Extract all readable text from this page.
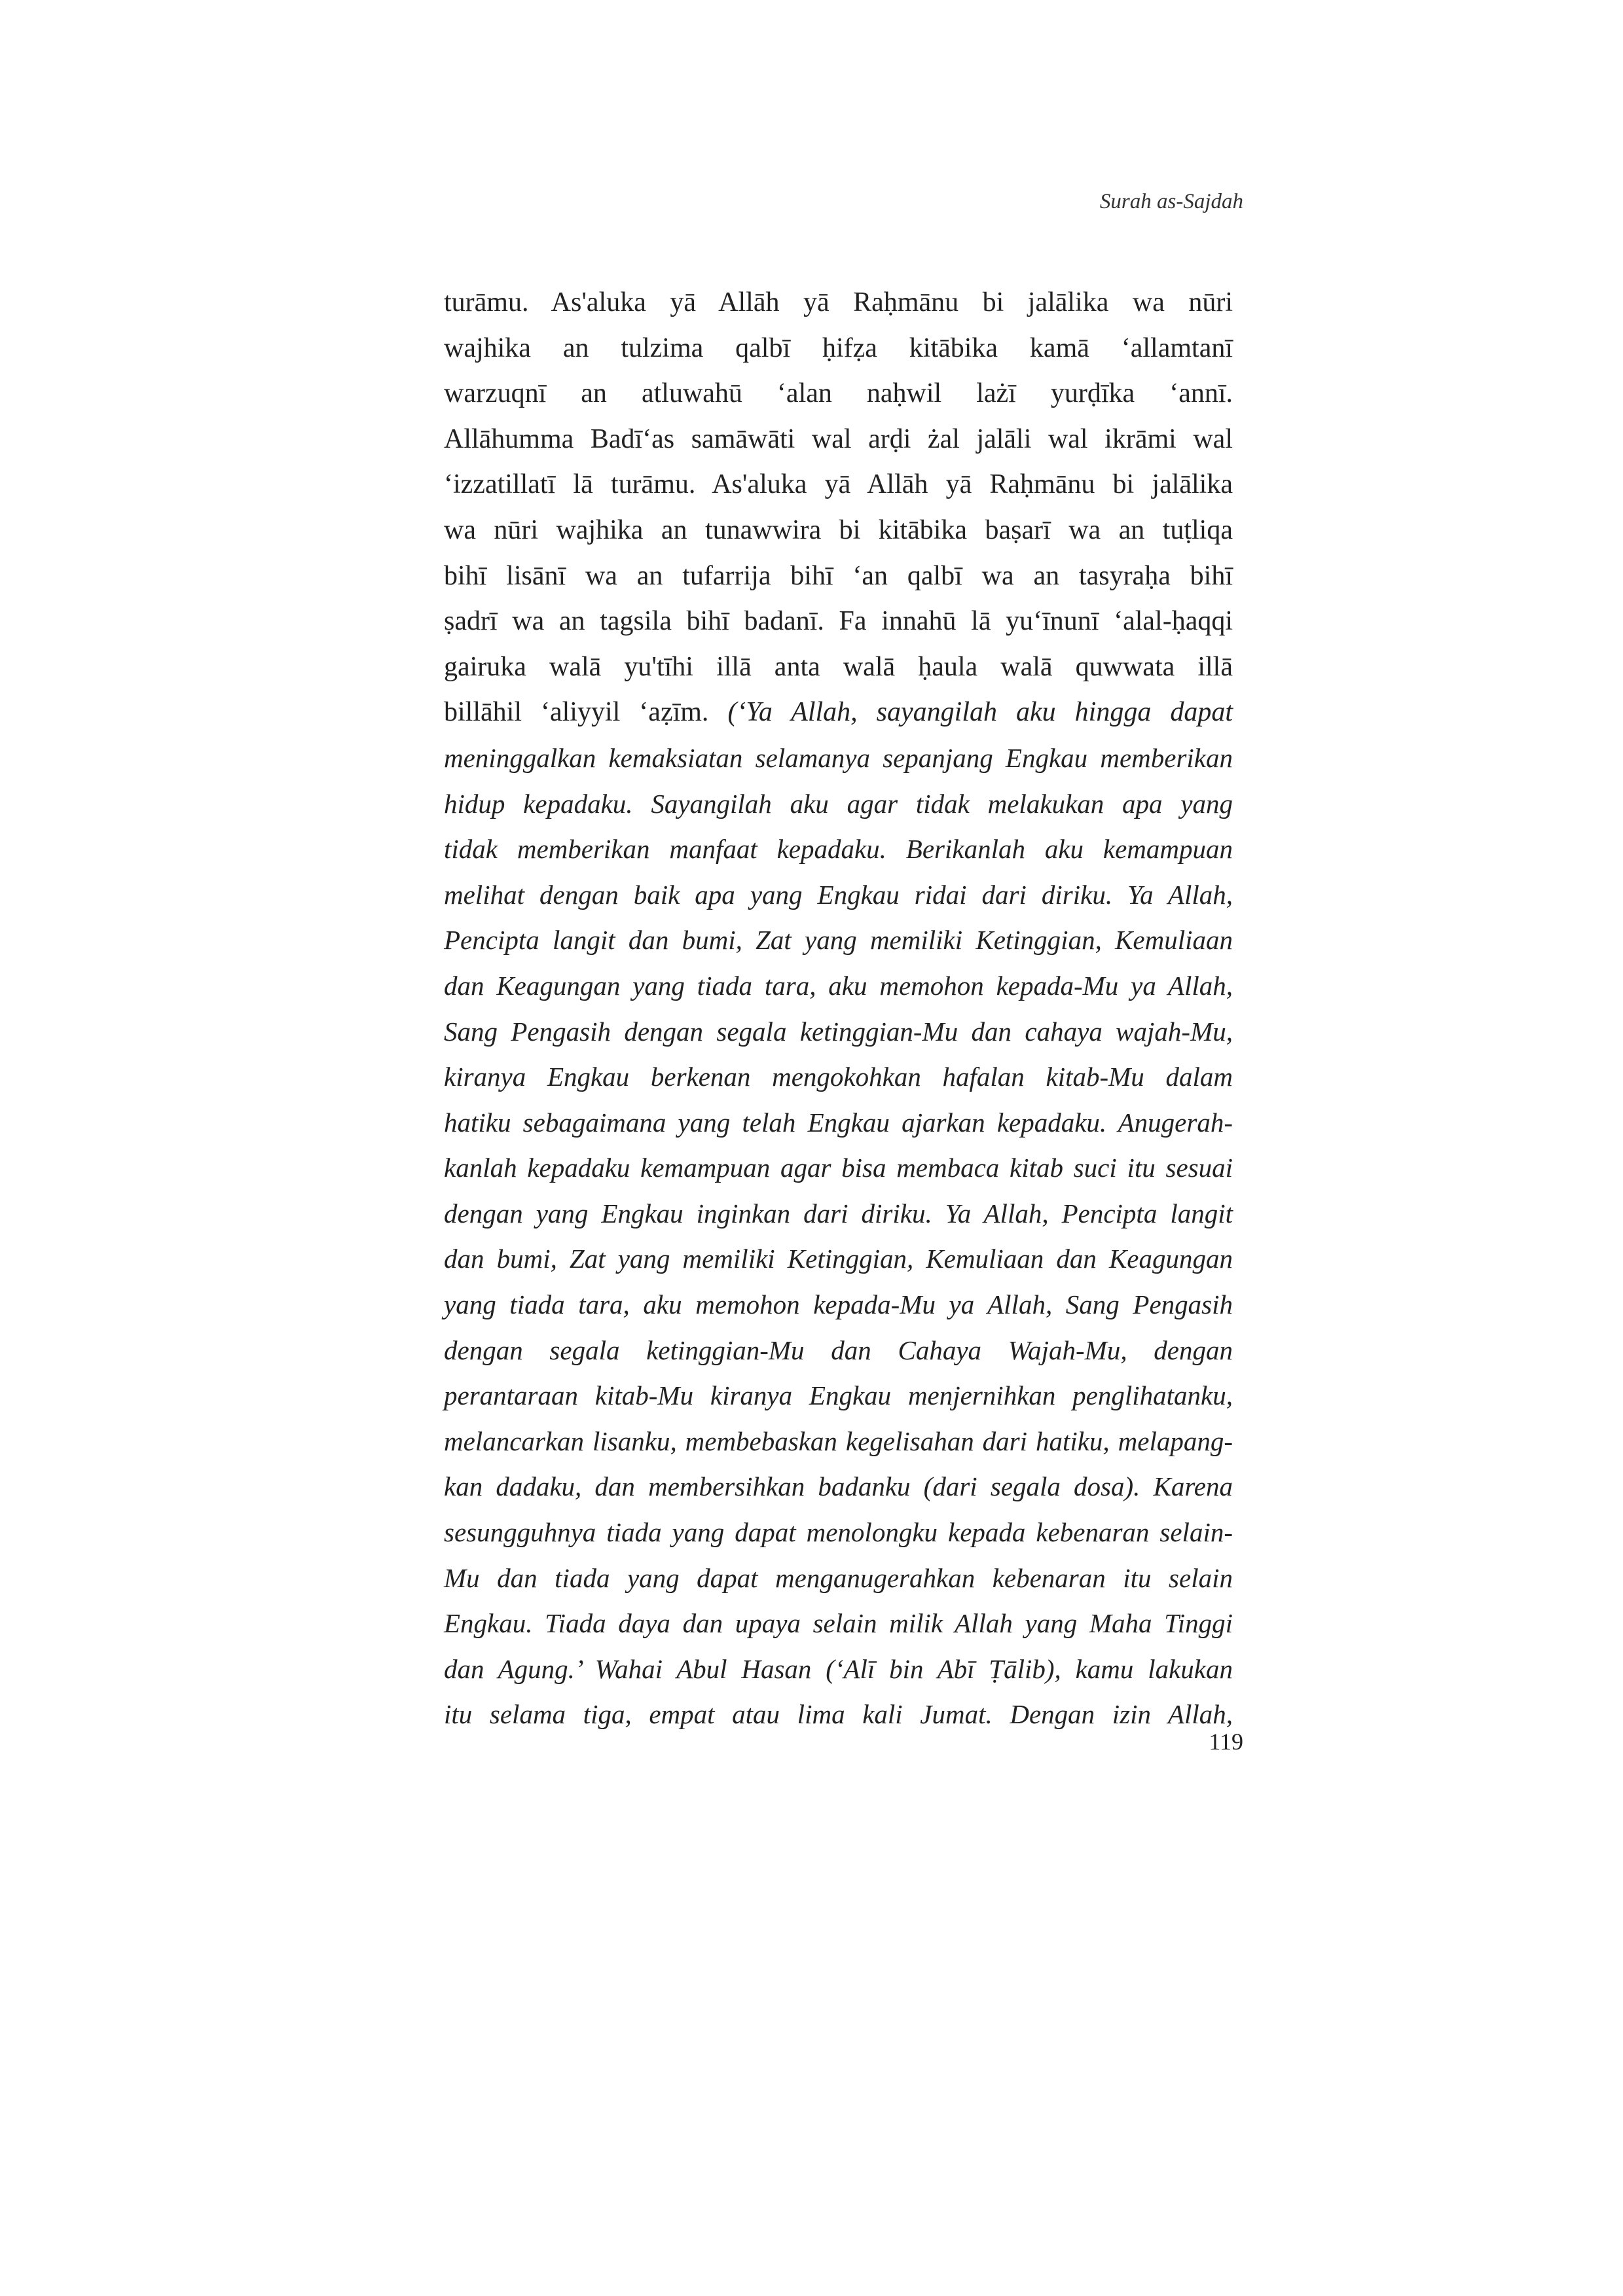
Surah as-Sajdah

turāmu. As'aluka yā Allāh yā Raḥmānu bi jalālika wa nūri
wajhika an tulzima qalbī ḥifẓa kitābika kamā ‘allamtanī
warzuqnī an atluwahū ‘alan naḥwil lażī yurḍīka ‘annī.
Allāhumma Badī‘as samāwāti wal arḍi żal jalāli wal ikrāmi wal
‘izzatillatī lā turāmu. As'aluka yā Allāh yā Raḥmānu bi jalālika
wa nūri wajhika an tunawwira bi kitābika baṣarī wa an tuṭliqa
bihī lisānī wa an tufarrija bihī ‘an qalbī wa an tasyraḥa bihī
ṣadrī wa an tagsila bihī badanī. Fa innahū lā yu‘īnunī ‘alal-ḥaqqi
gairuka walā yu'tīhi illā anta walā ḥaula walā quwwata illā
billāhil ‘aliyyil ‘aẓīm. (‘Ya Allah, sayangilah aku hingga dapat
meninggalkan kemaksiatan selamanya sepanjang Engkau memberikan
hidup kepadaku. Sayangilah aku agar tidak melakukan apa yang
tidak memberikan manfaat kepadaku. Berikanlah aku kemampuan
melihat dengan baik apa yang Engkau ridai dari diriku. Ya Allah,
Pencipta langit dan bumi, Zat yang memiliki Ketinggian, Kemuliaan
dan Keagungan yang tiada tara, aku memohon kepada-Mu ya Allah,
Sang Pengasih dengan segala ketinggian-Mu dan cahaya wajah-Mu,
kiranya Engkau berkenan mengokohkan hafalan kitab-Mu dalam
hatiku sebagaimana yang telah Engkau ajarkan kepadaku. Anugerah-
kanlah kepadaku kemampuan agar bisa membaca kitab suci itu sesuai
dengan yang Engkau inginkan dari diriku. Ya Allah, Pencipta langit
dan bumi, Zat yang memiliki Ketinggian, Kemuliaan dan Keagungan
yang tiada tara, aku memohon kepada-Mu ya Allah, Sang Pengasih
dengan segala ketinggian-Mu dan Cahaya Wajah-Mu, dengan
perantaraan kitab-Mu kiranya Engkau menjernihkan penglihatanku,
melancarkan lisanku, membebaskan kegelisahan dari hatiku, melapang-
kan dadaku, dan membersihkan badanku (dari segala dosa). Karena
sesungguhnya tiada yang dapat menolongku kepada kebenaran selain-
Mu dan tiada yang dapat menganugerahkan kebenaran itu selain
Engkau. Tiada daya dan upaya selain milik Allah yang Maha Tinggi
dan Agung.’ Wahai Abul Hasan (‘Alī bin Abī Ṭālib), kamu lakukan
itu selama tiga, empat atau lima kali Jumat. Dengan izin Allah,

119
